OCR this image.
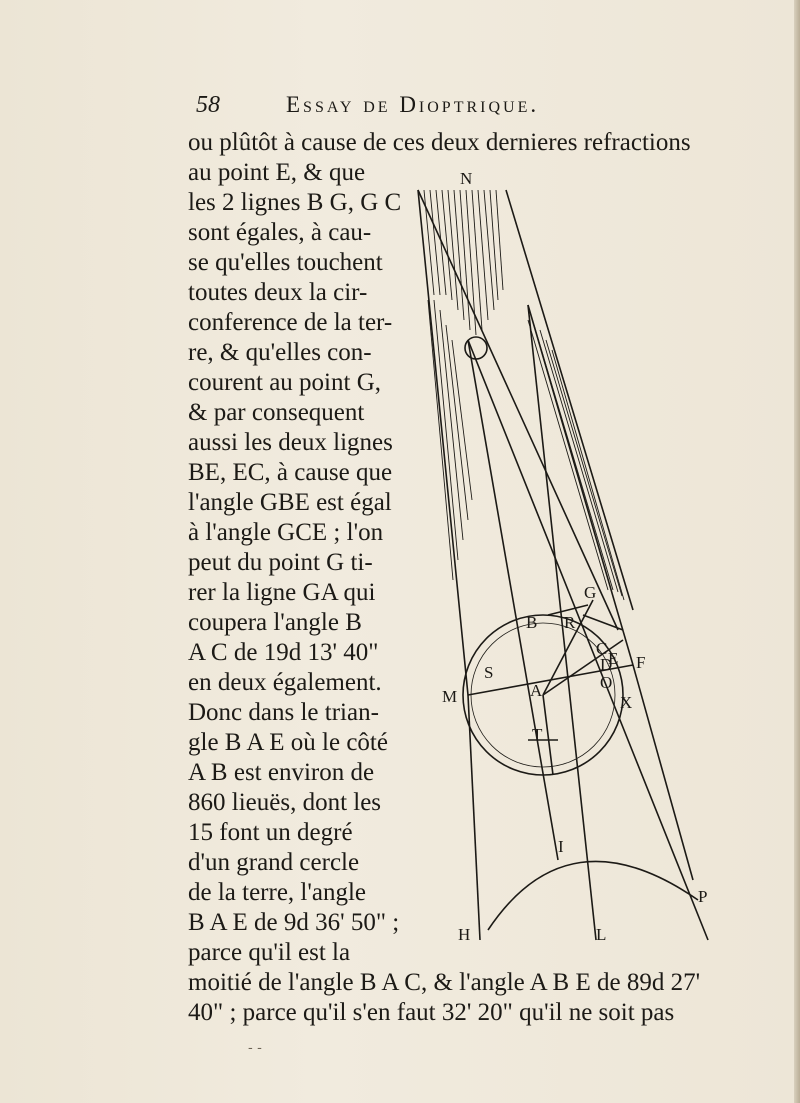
58	Essay de Dioptrique.
ou plûtôt à cause de ces deux dernieres refractions
au point E, & que
les 2 lignes B G, G C
sont égales, à cau-
se qu'elles touchent
toutes deux la cir-
conference de la ter-
re, & qu'elles con-
courent au point G,
& par consequent
aussi les deux lignes
BE, EC, à cause que
l'angle GBE est égal
à l'angle GCE ; l'on
peut du point G ti-
rer la ligne GA qui
coupera l'angle B
A C de 19d 13' 40"
en deux également.
Donc dans le trian-
gle B A E où le côté
A B est environ de
860 lieuës, dont les
15 font un degré
d'un grand cercle
de la terre, l'angle
B A E de 9d 36' 50" ;
parce qu'il est la
moitié de l'angle B A C, & l'angle A B E de 89d 27'
40" ; parce qu'il s'en faut 32' 20" qu'il ne soit pas
N
G
B R
C
D F
E
O
S
A
M	X
T
I
P
H	L
- -
